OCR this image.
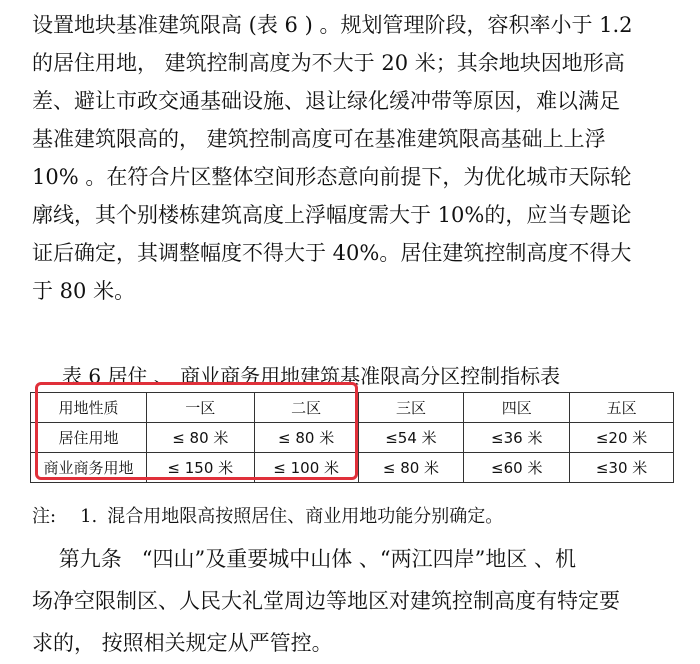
设置地块基准建筑限高 (表 6 ) 。规划管理阶段，容积率小于 1.2
的居住用地， 建筑控制高度为不大于 20 米；其余地块因地形高
差、避让市政交通基础设施、退让绿化缓冲带等原因，难以满足
基准建筑限高的， 建筑控制高度可在基准建筑限高基础上上浮
10% 。在符合片区整体空间形态意向前提下，为优化城市天际轮
廓线，其个别楼栋建筑高度上浮幅度需大于 10%的，应当专题论
证后确定，其调整幅度不得大于 40%。居住建筑控制高度不得大
于 80 米。
表 6 居住 、 商业商务用地建筑基准限高分区控制指标表
用地性质	一区	二区	三区	四区	五区
居住用地	≤ 80 米	≤ 80 米	≤54 米	≤36 米	≤20 米
商业商务用地	≤ 150 米	≤ 100 米	≤ 80 米	≤60 米	≤30 米
注: 1. 混合用地限高按照居住、商业用地功能分别确定。
第九条   “四山”及重要城中山体 、“两江四岸”地区 、机
场净空限制区、人民大礼堂周边等地区对建筑控制高度有特定要
求的， 按照相关规定从严管控。
